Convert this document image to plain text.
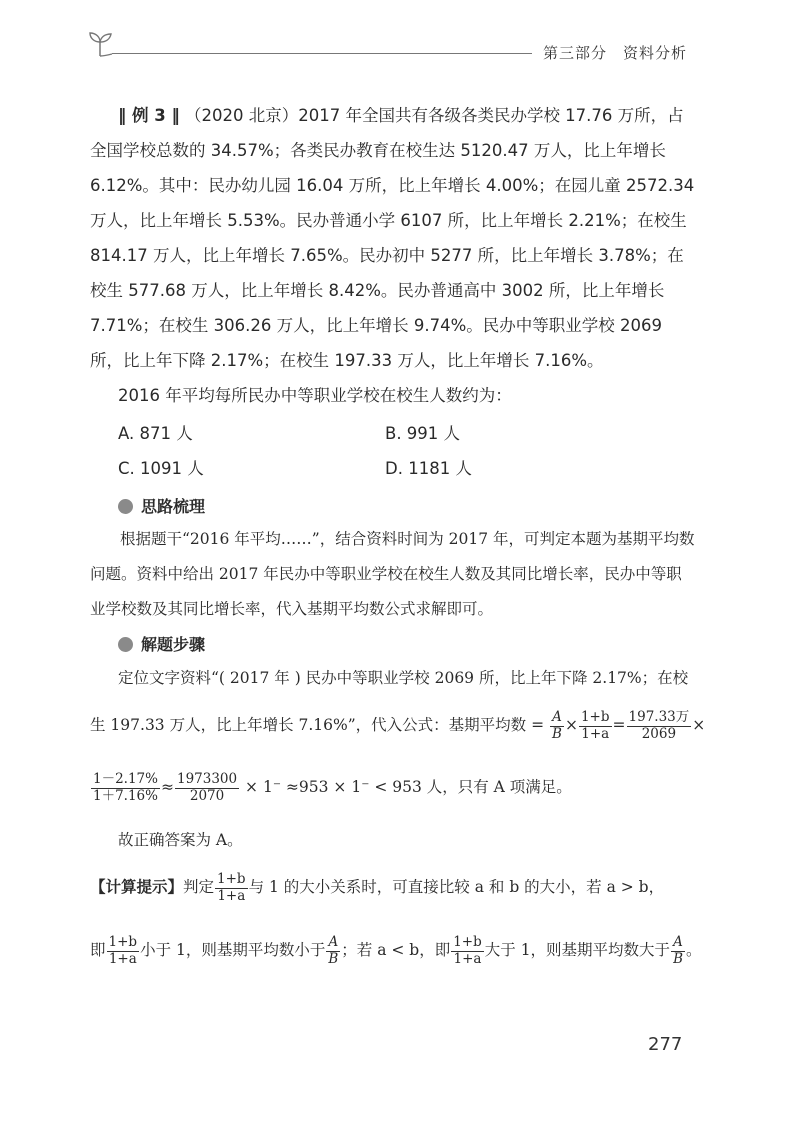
第三部分　资料分析
‖ 例 3 ‖ （2020 北京）2017 年全国共有各级各类民办学校 17.76 万所，占全国学校总数的 34.57%；各类民办教育在校生达 5120.47 万人，比上年增长 6.12%。其中：民办幼儿园 16.04 万所，比上年增长 4.00%；在园儿童 2572.34 万人，比上年增长 5.53%。民办普通小学 6107 所，比上年增长 2.21%；在校生 814.17 万人，比上年增长 7.65%。民办初中 5277 所，比上年增长 3.78%；在校生 577.68 万人，比上年增长 8.42%。民办普通高中 3002 所，比上年增长 7.71%；在校生 306.26 万人，比上年增长 9.74%。民办中等职业学校 2069 所，比上年下降 2.17%；在校生 197.33 万人，比上年增长 7.16%。
2016 年平均每所民办中等职业学校在校生人数约为：
A. 871 人	B. 991 人
C. 1091 人	D. 1181 人
思路梳理
根据题干“2016 年平均……”，结合资料时间为 2017 年，可判定本题为基期平均数问题。资料中给出 2017 年民办中等职业学校在校生人数及其同比增长率，民办中等职业学校数及其同比增长率，代入基期平均数公式求解即可。
解题步骤
定位文字资料“( 2017 年 ) 民办中等职业学校 2069 所，比上年下降 2.17%；在校
生 197.33 万人，比上年增长 7.16%”，代入公式：基期平均数 = $\frac{A}{B} \times \frac{1+b}{1+a} = 197.33$万
2069 ×
$\frac{1-2.17\%}{1+7.16\%} \approx \frac{1973300}{2070} \times 1^- \approx 953 \times 1^- < 953$ 人，只有 A 项满足。
故正确答案为 A。
【计算提示】判定 $\frac{1+b}{1+a}$ 与 1 的大小关系时，可直接比较 a 和 b 的大小，若 a > b，
即 $\frac{1+b}{1+a}$ 小于 1，则基期平均数小于 $\frac{A}{B}$ ；若 a < b，即 $\frac{1+b}{1+a}$ 大于 1，则基期平均数大于 $\frac{A}{B}$ 。
277
